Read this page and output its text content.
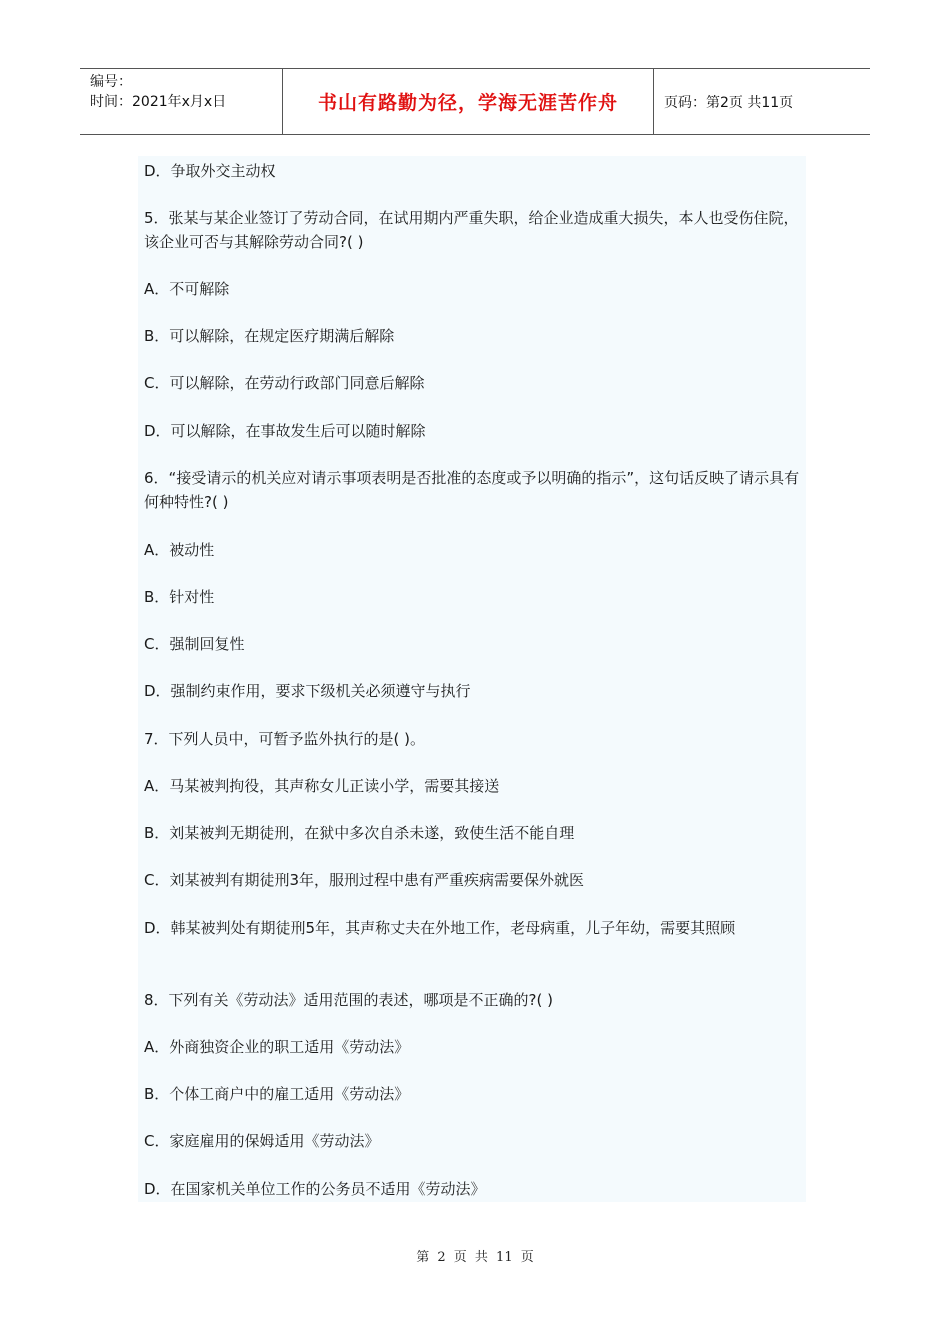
编号：
时间：2021年x月x日	书山有路勤为径，学海无涯苦作舟	页码：第2页 共11页
D．争取外交主动权
5．张某与某企业签订了劳动合同，在试用期内严重失职，给企业造成重大损失，本人也受伤住院，该企业可否与其解除劳动合同?( )
A．不可解除
B．可以解除，在规定医疗期满后解除
C．可以解除，在劳动行政部门同意后解除
D．可以解除，在事故发生后可以随时解除
6．“接受请示的机关应对请示事项表明是否批准的态度或予以明确的指示”，这句话反映了请示具有何种特性?( )
A．被动性
B．针对性
C．强制回复性
D．强制约束作用，要求下级机关必须遵守与执行
7．下列人员中，可暂予监外执行的是( )。
A．马某被判拘役，其声称女儿正读小学，需要其接送
B．刘某被判无期徒刑，在狱中多次自杀未遂，致使生活不能自理
C．刘某被判有期徒刑3年，服刑过程中患有严重疾病需要保外就医
D．韩某被判处有期徒刑5年，其声称丈夫在外地工作，老母病重，儿子年幼，需要其照顾
8．下列有关《劳动法》适用范围的表述，哪项是不正确的?( )
A．外商独资企业的职工适用《劳动法》
B．个体工商户中的雇工适用《劳动法》
C．家庭雇用的保姆适用《劳动法》
D．在国家机关单位工作的公务员不适用《劳动法》
第 2 页 共 11 页
